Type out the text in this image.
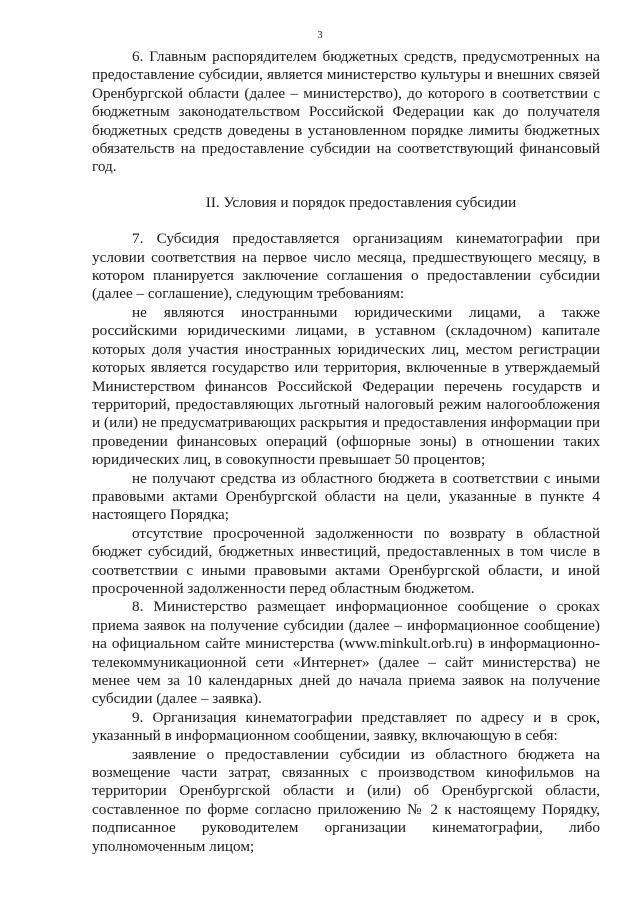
3

6. Главным распорядителем бюджетных средств, предусмотренных на предоставление субсидии, является министерство культуры и внешних связей Оренбургской области (далее – министерство), до которого в соответствии с бюджетным законодательством Российской Федерации как до получателя бюджетных средств доведены в установленном порядке лимиты бюджетных обязательств на предоставление субсидии на соответствующий финансовый год.

II. Условия и порядок предоставления субсидии

7. Субсидия предоставляется организациям кинематографии при условии соответствия на первое число месяца, предшествующего месяцу, в котором планируется заключение соглашения о предоставлении субсидии (далее – соглашение), следующим требованиям:

не являются иностранными юридическими лицами, а также российскими юридическими лицами, в уставном (складочном) капитале которых доля участия иностранных юридических лиц, местом регистрации которых является государство или территория, включенные в утверждаемый Министерством финансов Российской Федерации перечень государств и территорий, предоставляющих льготный налоговый режим налогообложения и (или) не предусматривающих раскрытия и предоставления информации при проведении финансовых операций (офшорные зоны) в отношении таких юридических лиц, в совокупности превышает 50 процентов;

не получают средства из областного бюджета в соответствии с иными правовыми актами Оренбургской области на цели, указанные в пункте 4 настоящего Порядка;

отсутствие просроченной задолженности по возврату в областной бюджет субсидий, бюджетных инвестиций, предоставленных в том числе в соответствии с иными правовыми актами Оренбургской области, и иной просроченной задолженности перед областным бюджетом.

8. Министерство размещает информационное сообщение о сроках приема заявок на получение субсидии (далее – информационное сообщение) на официальном сайте министерства (www.minkult.orb.ru) в информационно-телекоммуникационной сети «Интернет» (далее – сайт министерства) не менее чем за 10 календарных дней до начала приема заявок на получение субсидии (далее – заявка).

9. Организация кинематографии представляет по адресу и в срок, указанный в информационном сообщении, заявку, включающую в себя:

заявление о предоставлении субсидии из областного бюджета на возмещение части затрат, связанных с производством кинофильмов на территории Оренбургской области и (или) об Оренбургской области, составленное по форме согласно приложению № 2 к настоящему Порядку, подписанное руководителем организации кинематографии, либо уполномоченным лицом;
